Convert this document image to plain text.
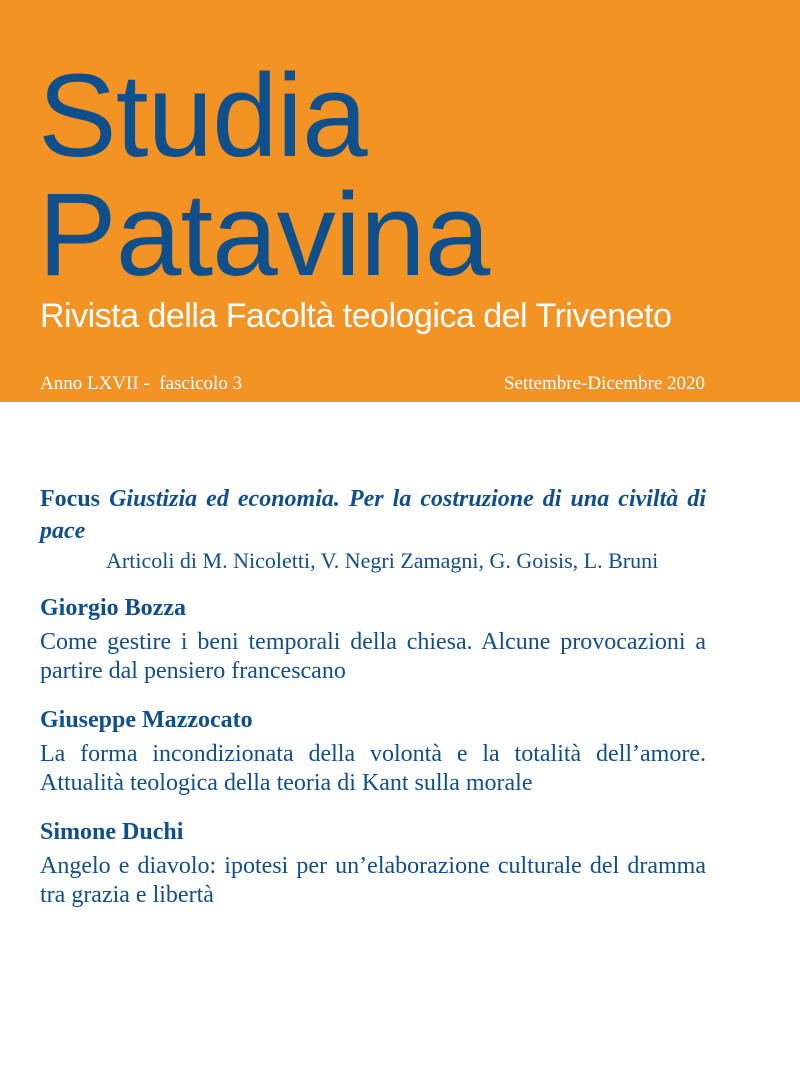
Studia
Patavina
Rivista della Facoltà teologica del Triveneto
Anno LXVII -  fascicolo 3	Settembre-Dicembre 2020
Focus Giustizia ed economia. Per la costruzione di una civiltà di pace
Articoli di M. Nicoletti, V. Negri Zamagni, G. Goisis, L. Bruni
Giorgio Bozza
Come gestire i beni temporali della chiesa. Alcune provocazioni a partire dal pensiero francescano
Giuseppe Mazzocato
La forma incondizionata della volontà e la totalità dell’amore. Attualità teologica della teoria di Kant sulla morale
Simone Duchi
Angelo e diavolo: ipotesi per un’elaborazione culturale del dramma tra grazia e libertà
